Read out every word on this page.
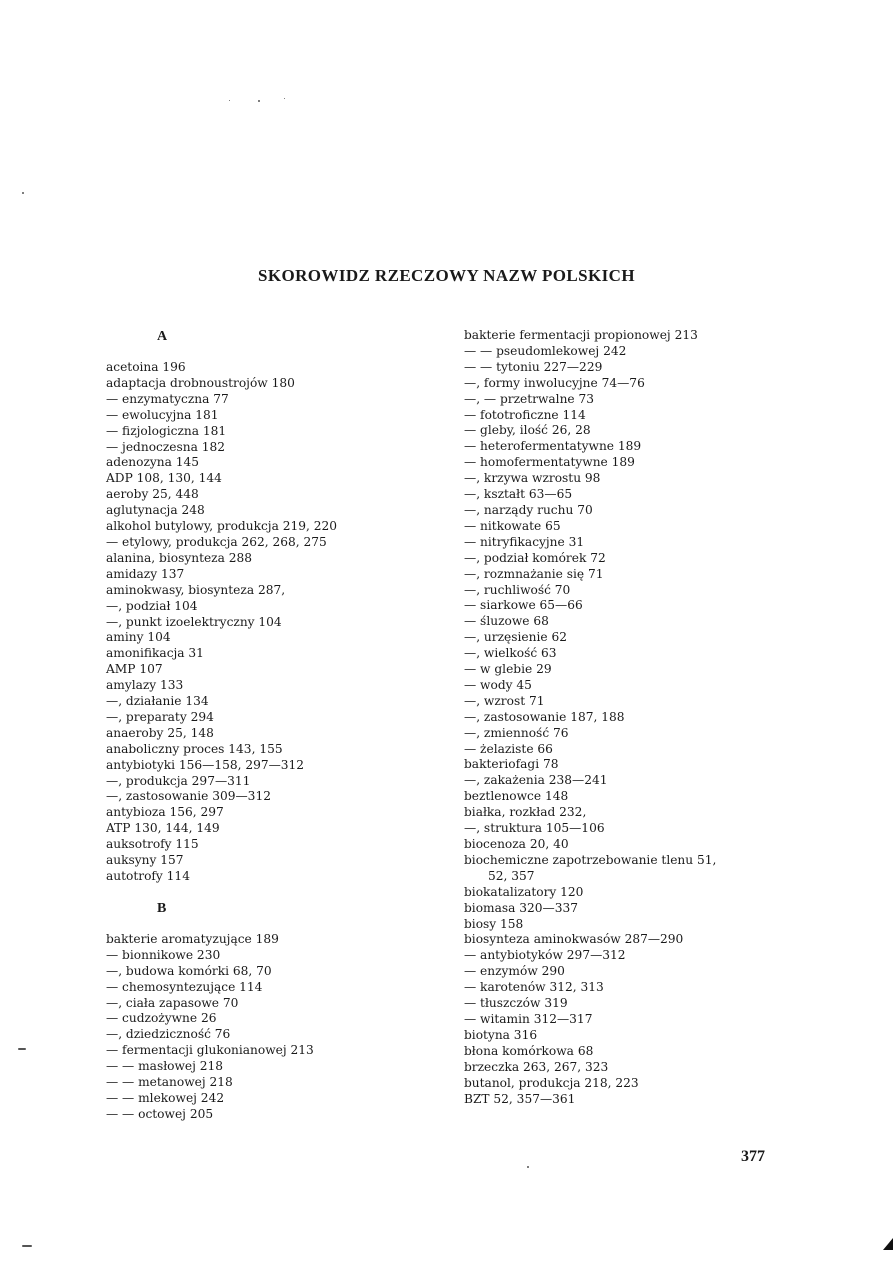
SKOROWIDZ RZECZOWY NAZW POLSKICH
A
acetoina 196
adaptacja drobnoustrojów 180
— enzymatyczna 77
— ewolucyjna 181
— fizjologiczna 181
— jednoczesna 182
adenozyna 145
ADP 108, 130, 144
aeroby 25, 448
aglutynacja 248
alkohol butylowy, produkcja 219, 220
— etylowy, produkcja 262, 268, 275
alanina, biosynteza 288
amidazy 137
aminokwasy, biosynteza 287,
—, podział 104
—, punkt izoelektryczny 104
aminy 104
amonifikacja 31
AMP 107
amylazy 133
—, działanie 134
—, preparaty 294
anaeroby 25, 148
anaboliczny proces 143, 155
antybiotyki 156—158, 297—312
—, produkcja 297—311
—, zastosowanie 309—312
antybioza 156, 297
ATP 130, 144, 149
auksotrofy 115
auksyny 157
autotrofy 114
B
bakterie aromatyzujące 189
— bionnikowe 230
—, budowa komórki 68, 70
— chemosyntezujące 114
—, ciała zapasowe 70
— cudzożywne 26
—, dziedziczność 76
— fermentacji glukonianowej 213
— — masłowej 218
— — metanowej 218
— — mlekowej 242
— — octowej 205
bakterie fermentacji propionowej 213
— — pseudomlekowej 242
— — tytoniu 227—229
—, formy inwolucyjne 74—76
—, — przetrwalne 73
— fototroficzne 114
— gleby, ilość 26, 28
— heterofermentatywne 189
— homofermentatywne 189
—, krzywa wzrostu 98
—, kształt 63—65
—, narządy ruchu 70
— nitkowate 65
— nitryfikacyjne 31
—, podział komórek 72
—, rozmnażanie się 71
—, ruchliwość 70
— siarkowe 65—66
— śluzowe 68
—, urzęsienie 62
—, wielkość 63
— w glebie 29
— wody 45
—, wzrost 71
—, zastosowanie 187, 188
—, zmienność 76
— żelaziste 66
bakteriofagi 78
—, zakażenia 238—241
beztlenowce 148
białka, rozkład 232,
—, struktura 105—106
biocenoza 20, 40
biochemiczne zapotrzebowanie tlenu 51,
52, 357
biokatalizatory 120
biomasa 320—337
biosy 158
biosynteza aminokwasów 287—290
— antybiotyków 297—312
— enzymów 290
— karotenów 312, 313
— tłuszczów 319
— witamin 312—317
biotyna 316
błona komórkowa 68
brzeczka 263, 267, 323
butanol, produkcja 218, 223
BZT 52, 357—361
377
